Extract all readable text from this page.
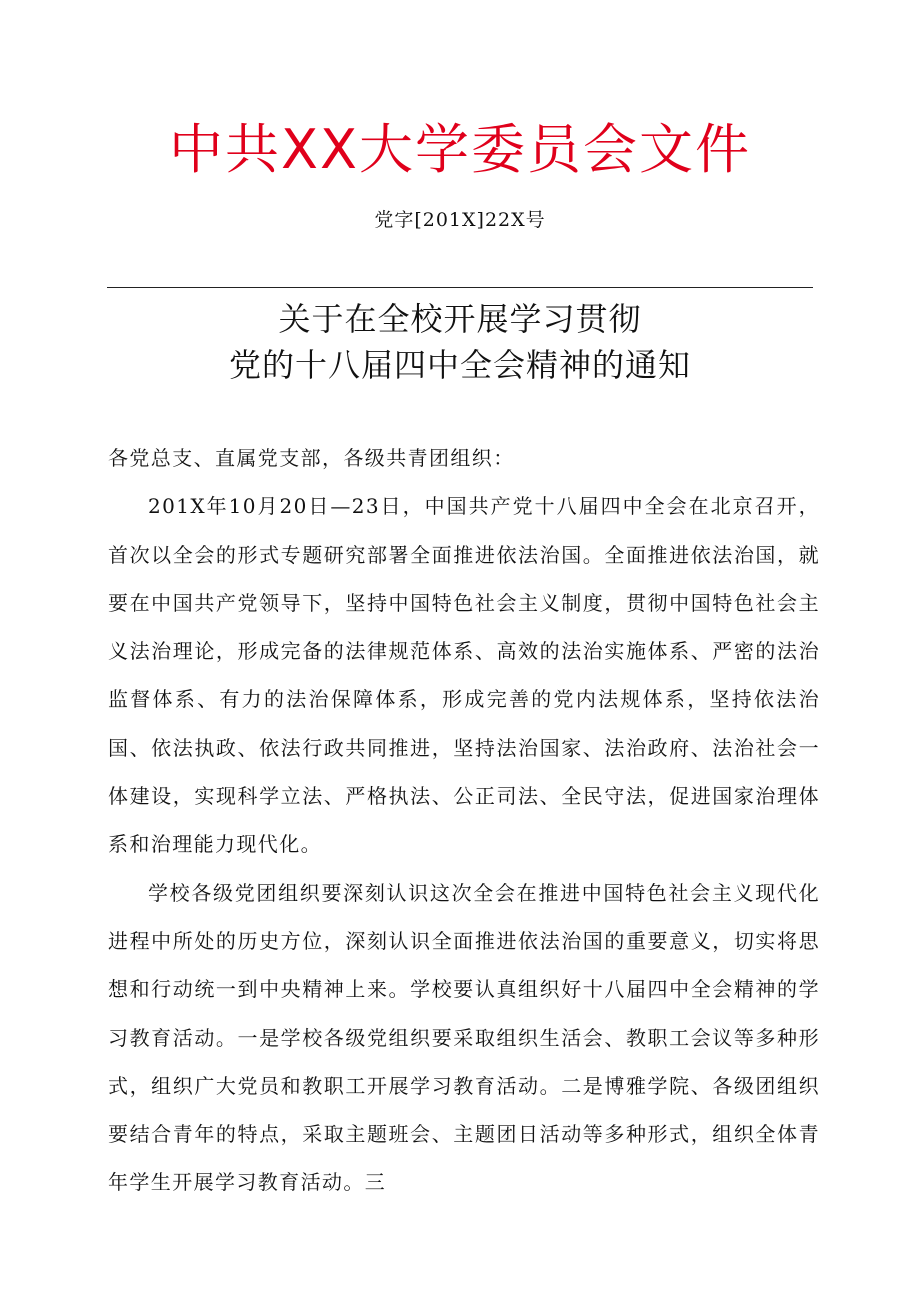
中共XX大学委员会文件
党字[201X]22X号
关于在全校开展学习贯彻
党的十八届四中全会精神的通知

各党总支、直属党支部，各级共青团组织：

201X年10月20日—23日，中国共产党十八届四中全会在北京召开，首次以全会的形式专题研究部署全面推进依法治国。全面推进依法治国，就要在中国共产党领导下，坚持中国特色社会主义制度，贯彻中国特色社会主义法治理论，形成完备的法律规范体系、高效的法治实施体系、严密的法治监督体系、有力的法治保障体系，形成完善的党内法规体系，坚持依法治国、依法执政、依法行政共同推进，坚持法治国家、法治政府、法治社会一体建设，实现科学立法、严格执法、公正司法、全民守法，促进国家治理体系和治理能力现代化。

学校各级党团组织要深刻认识这次全会在推进中国特色社会主义现代化进程中所处的历史方位，深刻认识全面推进依法治国的重要意义，切实将思想和行动统一到中央精神上来。学校要认真组织好十八届四中全会精神的学习教育活动。一是学校各级党组织要采取组织生活会、教职工会议等多种形式，组织广大党员和教职工开展学习教育活动。二是博雅学院、各级团组织要结合青年的特点，采取主题班会、主题团日活动等多种形式，组织全体青年学生开展学习教育活动。三
